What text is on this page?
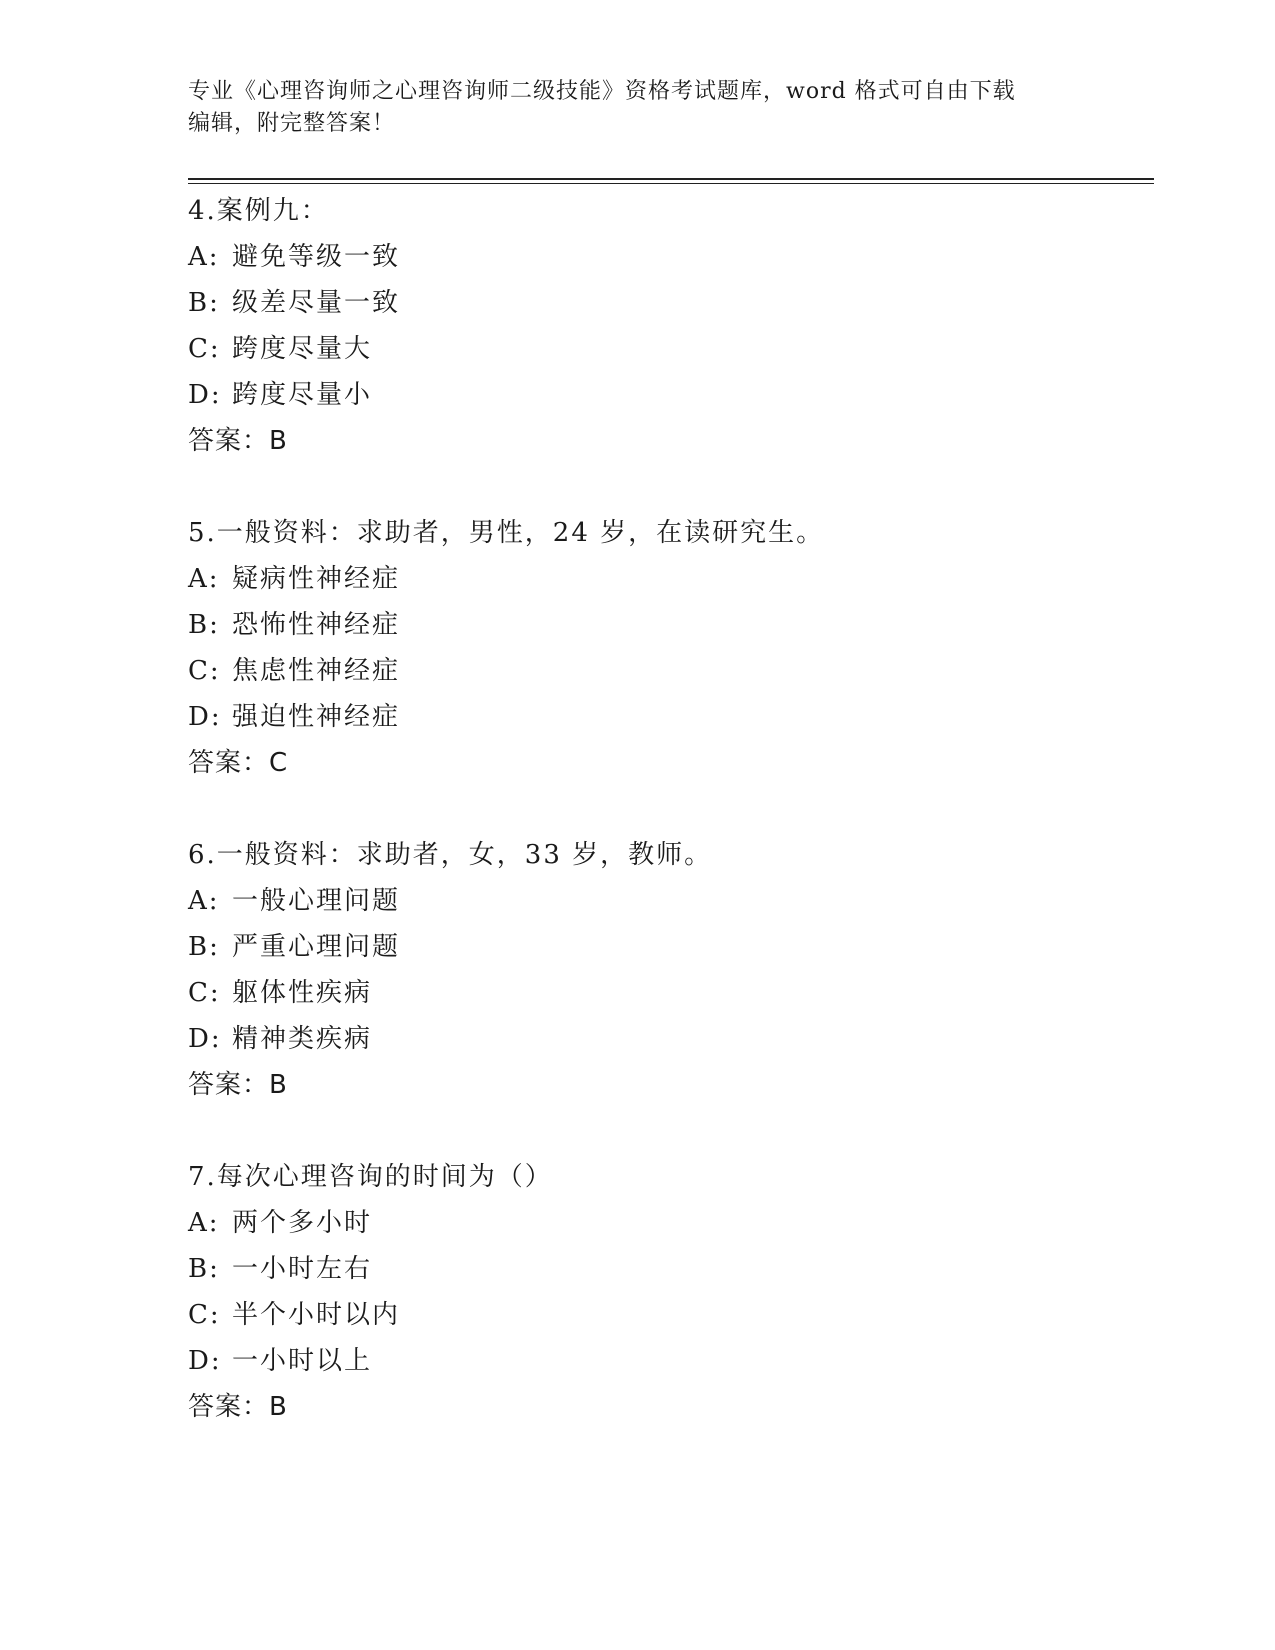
专业《心理咨询师之心理咨询师二级技能》资格考试题库，word 格式可自由下载
编辑，附完整答案！
4.案例九：
A: 避免等级一致
B: 级差尽量一致
C: 跨度尽量大
D: 跨度尽量小
答案：B
5.一般资料：求助者，男性，24 岁，在读研究生。
A: 疑病性神经症
B: 恐怖性神经症
C: 焦虑性神经症
D: 强迫性神经症
答案：C
6.一般资料：求助者，女，33 岁，教师。
A: 一般心理问题
B: 严重心理问题
C: 躯体性疾病
D: 精神类疾病
答案：B
7.每次心理咨询的时间为（）
A: 两个多小时
B: 一小时左右
C: 半个小时以内
D: 一小时以上
答案：B
